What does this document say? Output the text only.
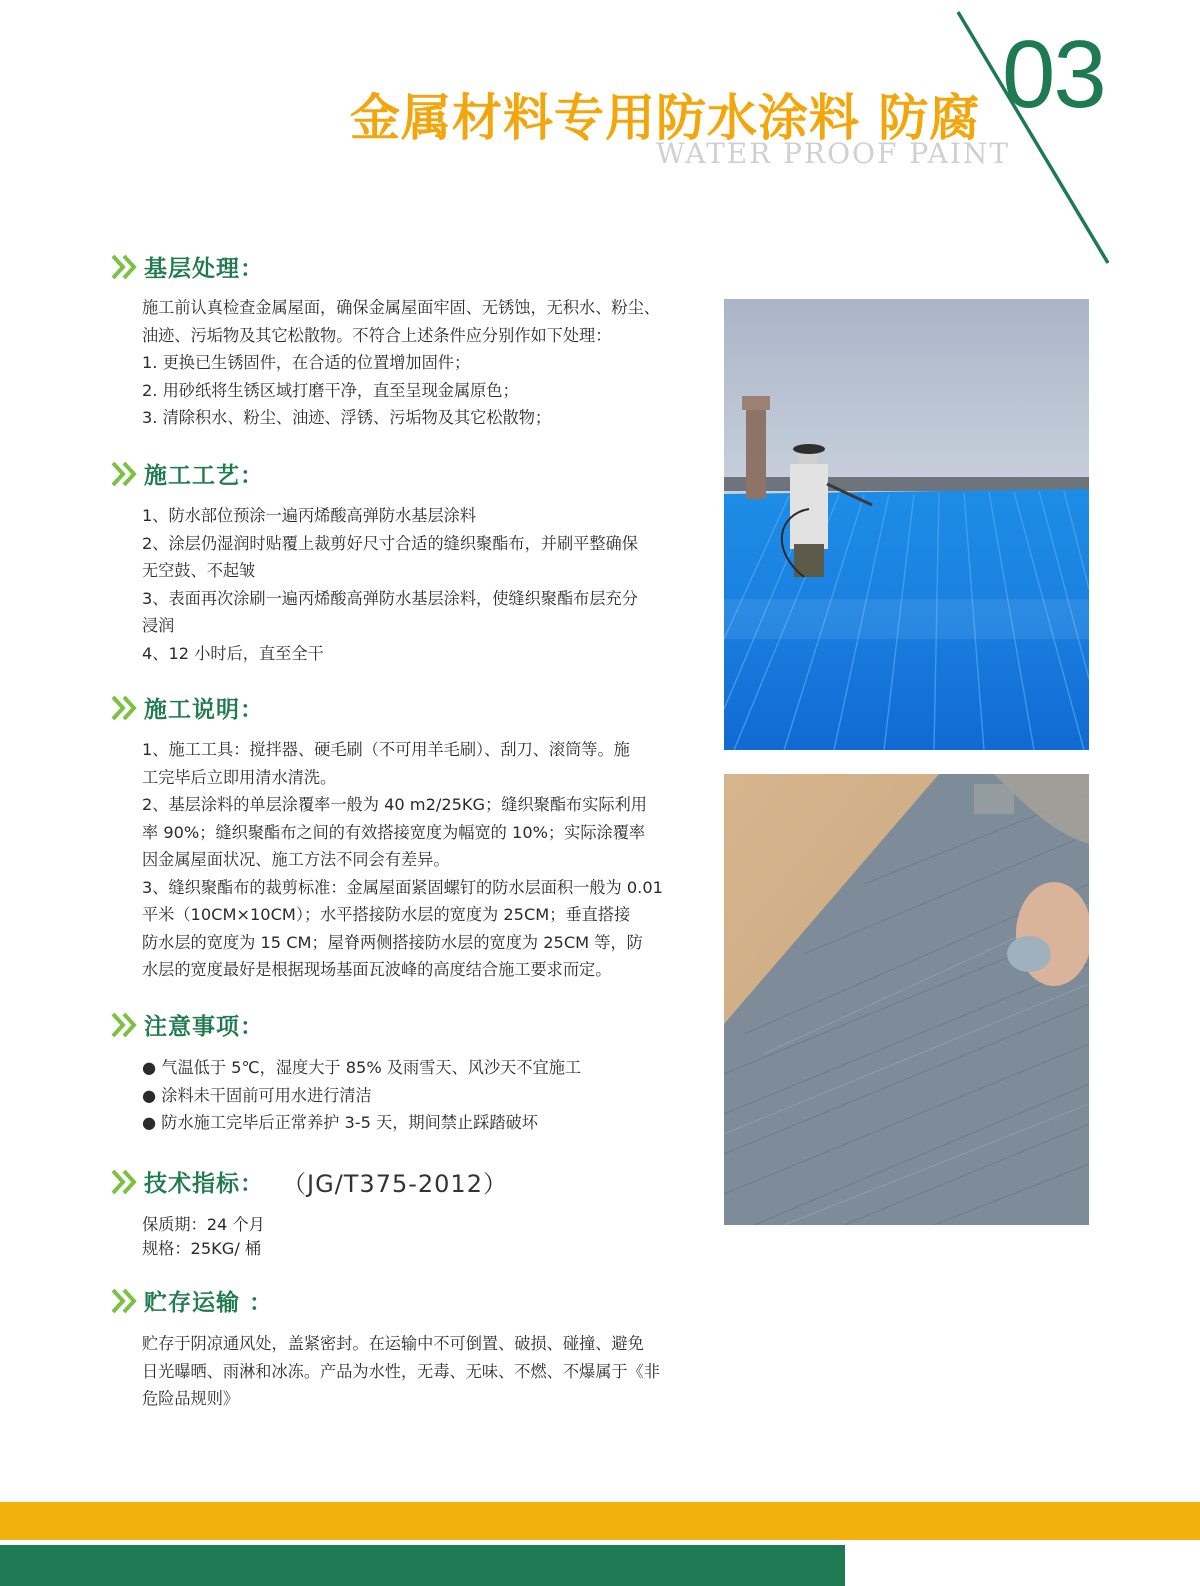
金属材料专用防水涂料 防腐
WATER PROOF PAINT
03
基层处理：

施工前认真检查金属屋面，确保金属屋面牢固、无锈蚀，无积水、粉尘、

油迹、污垢物及其它松散物。不符合上述条件应分别作如下处理：

1. 更换已生锈固件，在合适的位置增加固件；

2. 用砂纸将生锈区域打磨干净，直至呈现金属原色；

3. 清除积水、粉尘、油迹、浮锈、污垢物及其它松散物；

施工工艺：

1、防水部位预涂一遍丙烯酸高弹防水基层涂料

2、涂层仍湿润时贴覆上裁剪好尺寸合适的缝织聚酯布，并刷平整确保

无空鼓、不起皱

3、表面再次涂刷一遍丙烯酸高弹防水基层涂料，使缝织聚酯布层充分

浸润

4、12 小时后，直至全干

施工说明：

1、施工工具：搅拌器、硬毛刷（不可用羊毛刷）、刮刀、滚筒等。施

工完毕后立即用清水清洗。

2、基层涂料的单层涂覆率一般为 40 m2/25KG；缝织聚酯布实际利用

率 90%；缝织聚酯布之间的有效搭接宽度为幅宽的 10%；实际涂覆率

因金属屋面状况、施工方法不同会有差异。

3、缝织聚酯布的裁剪标准：金属屋面紧固螺钉的防水层面积一般为 0.01

平米（10CM×10CM）；水平搭接防水层的宽度为 25CM；垂直搭接

防水层的宽度为 15 CM；屋脊两侧搭接防水层的宽度为 25CM 等，防

水层的宽度最好是根据现场基面瓦波峰的高度结合施工要求而定。

注意事项：

● 气温低于 5℃，湿度大于 85% 及雨雪天、风沙天不宜施工

● 涂料未干固前可用水进行清洁

● 防水施工完毕后正常养护 3-5 天，期间禁止踩踏破坏

技术指标： （JG/T375-2012）

保质期：24 个月

规格：25KG/ 桶

贮存运输 ：

贮存于阴凉通风处，盖紧密封。在运输中不可倒置、破损、碰撞、避免

日光曝晒、雨淋和冰冻。产品为水性，无毒、无味、不燃、不爆属于《非

危险品规则》
